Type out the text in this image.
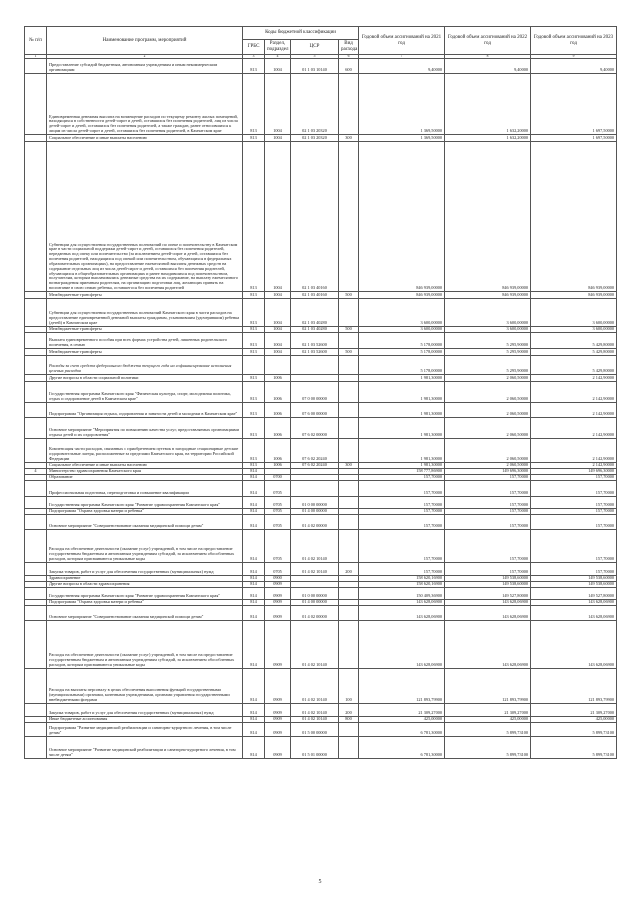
№ п/п	Наименование программ, мероприятий	Коды бюджетной классификации				Годовой объем ассигнований на 2021 год	Годовой объем ассигнований на 2022 год	Годовой объем ассигнований на 2023 год
		ГРБС	Раздел, подраздел	ЦСР	Вид расхода			
1	2	3	4	5	6	7	8	9
	Предоставление субсидий бюджетным, автономным учреждениям и иным некоммерческим организациям	813	1004	01 1 03 10140	600	9,40000	9,40000	9,40000
	Единовременная денежная выплата на возмещение расходов по текущему ремонту жилых помещений, находящихся в собственности детей-сирот и детей, оставшихся без попечения родителей, лиц из числа детей-сирот и детей, оставшихся без попечения родителей, а также граждан, ранее относившихся к лицам из числа детей-сирот и детей, оставшихся без попечения родителей, в Камчатском крае	813	1004	02 1 03 20320		1 369,50000	1 632,20000	1 697,50000
	Социальное обеспечение и иные выплаты населению	813	1004	02 1 03 20320	300	1 369,50000	1 632,20000	1 697,50000
	Субвенции для осуществления государственных полномочий по опеке и попечительству в Камчатском крае в части социальной поддержки детей-сирот и детей, оставшихся без попечения родителей, переданных под опеку или попечительство (за исключением детей-сирот и детей, оставшихся без попечения родителей, находящихся под опекой или попечительством, обучающихся в федеральных образовательных организациях), на предоставление ежемесячной выплаты денежных средств на содержание отдельных лиц из числа детей-сирот и детей, оставшихся без попечения родителей, обучающихся в общеобразовательных организациях и ранее находившихся под попечительством, получателям, которым выплачивались денежные средства на их содержание, на выплату ежемесячного вознаграждения приемным родителям, на организацию подготовки лиц, желающих принять на воспитание в свою семью ребенка, оставшегося без попечения родителей	813	1004	02 1 03 40160		846 939,00000	846 939,00000	846 939,00000
	Межбюджетные трансферты	813	1004	02 1 03 40160	500	846 939,00000	846 939,00000	846 939,00000
	Субвенции для осуществления государственных полномочий Камчатского края в части расходов на предоставление единовременной денежной выплаты гражданам, усыновившим (удочерившим) ребенка (детей) в Камчатском крае	813	1004	02 1 03 40280		3 600,00000	3 600,00000	3 600,00000
	Межбюджетные трансферты	813	1004	02 1 03 40280	500	3 600,00000	3 600,00000	3 600,00000
	Выплата единовременного пособия при всех формах устройства детей, лишенных родительского попечения, в семью	813	1004	02 1 03 52600		5 178,00000	5 295,90000	5 429,80000
	Межбюджетные трансферты	813	1004	02 1 03 52600	500	5 178,00000	5 295,90000	5 429,80000
	Расходы за счет средств федерального бюджета текущего года на софинансирование исполнения целевых расходов					5 178,00000	5 295,90000	5 429,80000
	Другие вопросы в области социальной политики	813	1006			1 981,30000	2 060,50000	2 142,90000
	Государственная программа Камчатского края "Физическая культура, спорт, молодежная политика, отдых и оздоровление детей в Камчатском крае"	813	1006	07 0 00 00000		1 981,30000	2 060,50000	2 142,90000
	Подпрограмма "Организация отдыха, оздоровления и занятости детей и молодежи в Камчатском крае"	813	1006	07 6 00 00000		1 981,30000	2 060,50000	2 142,90000
	Основное мероприятие "Мероприятия по повышению качества услуг, предоставляемых организациями отдыха детей и их оздоровления"	813	1006	07 6 02 00000		1 981,30000	2 060,50000	2 142,90000
	Компенсация части расходов, связанных с приобретением путевок в загородные стационарные детские оздоровительные лагеря, расположенные за пределами Камчатского края, на территории Российской Федерации	813	1006	07 6 02 20240		1 981,30000	2 060,50000	2 142,90000
	Социальное обеспечение и иные выплаты населению	813	1006	07 6 02 20240	300	1 981,30000	2 060,50000	2 142,90000
4	Министерство здравоохранения Камчатского края	814				158 777,86900	149 696,30000	149 696,30000
	Образование	814	0700			157,70000	157,70000	157,70000
	Профессиональная подготовка, переподготовка и повышение квалификации	814	0705			157,70000	157,70000	157,70000
	Государственная программа Камчатского края "Развитие здравоохранения Камчатского края"	814	0705	01 0 00 00000		157,70000	157,70000	157,70000
	Подпрограмма "Охрана здоровья матери и ребенка"	814	0705	01 4 00 00000		157,70000	157,70000	157,70000
	Основное мероприятие "Совершенствование оказания медицинской помощи детям"	814	0705	01 4 02 00000		157,70000	157,70000	157,70000
	Расходы на обеспечение деятельности (оказание услуг) учреждений, в том числе на предоставление государственным бюджетным и автономным учреждениям субсидий, за исключением обособленных расходов, которым присваиваются уникальные коды	814	0705	01 4 02 10140		157,70000	157,70000	157,70000
	Закупка товаров, работ и услуг для обеспечения государственных (муниципальных) нужд	814	0705	01 4 02 10140	200	157,70000	157,70000	157,70000
	Здравоохранение	814	0900			158 620,16900	149 538,60000	149 538,60000
	Другие вопросы в области здравоохранения	814	0909			158 620,16900	149 538,60000	149 538,60000
	Государственная программа Камчатского края "Развитие здравоохранения Камчатского края"	814	0909	01 0 00 00000		150 409,36900	149 527,80000	149 527,80000
	Подпрограмма "Охрана здоровья матери и ребенка"	814	0909	01 4 00 00000		143 628,06900	143 628,06900	143 628,06900
	Основное мероприятие "Совершенствование оказания медицинской помощи детям"	814	0909	01 4 02 00000		143 628,06900	143 628,06900	143 628,06900
	Расходы на обеспечение деятельности (оказание услуг) учреждений, в том числе на предоставление государственным бюджетным и автономным учреждениям субсидий, за исключением обособленных расходов, которым присваиваются уникальные коды	814	0909	01 4 02 10140		143 628,06900	143 628,06900	143 628,06900
	Расходы на выплаты персоналу в целях обеспечения выполнения функций государственными (муниципальными) органами, казенными учреждениями, органами управления государственными внебюджетными фондами	814	0909	01 4 02 10140	100	121 893,79900	121 893,79900	121 893,79900
	Закупка товаров, работ и услуг для обеспечения государственных (муниципальных) нужд	814	0909	01 4 02 10140	200	21 309,27000	21 309,27000	21 309,27000
	Иные бюджетные ассигнования	814	0909	01 4 02 10140	800	425,00000	425,00000	425,00000
	Подпрограмма "Развитие медицинской реабилитации и санаторно-курортного лечения, в том числе детям"	814	0909	01 5 00 00000		6 781,30000	5 899,73100	5 899,73100
	Основное мероприятие "Развитие медицинской реабилитации и санаторно-курортного лечения, в том числе детям"	814	0909	01 5 01 00000		6 781,30000	5 899,73100	5 899,73100
5
